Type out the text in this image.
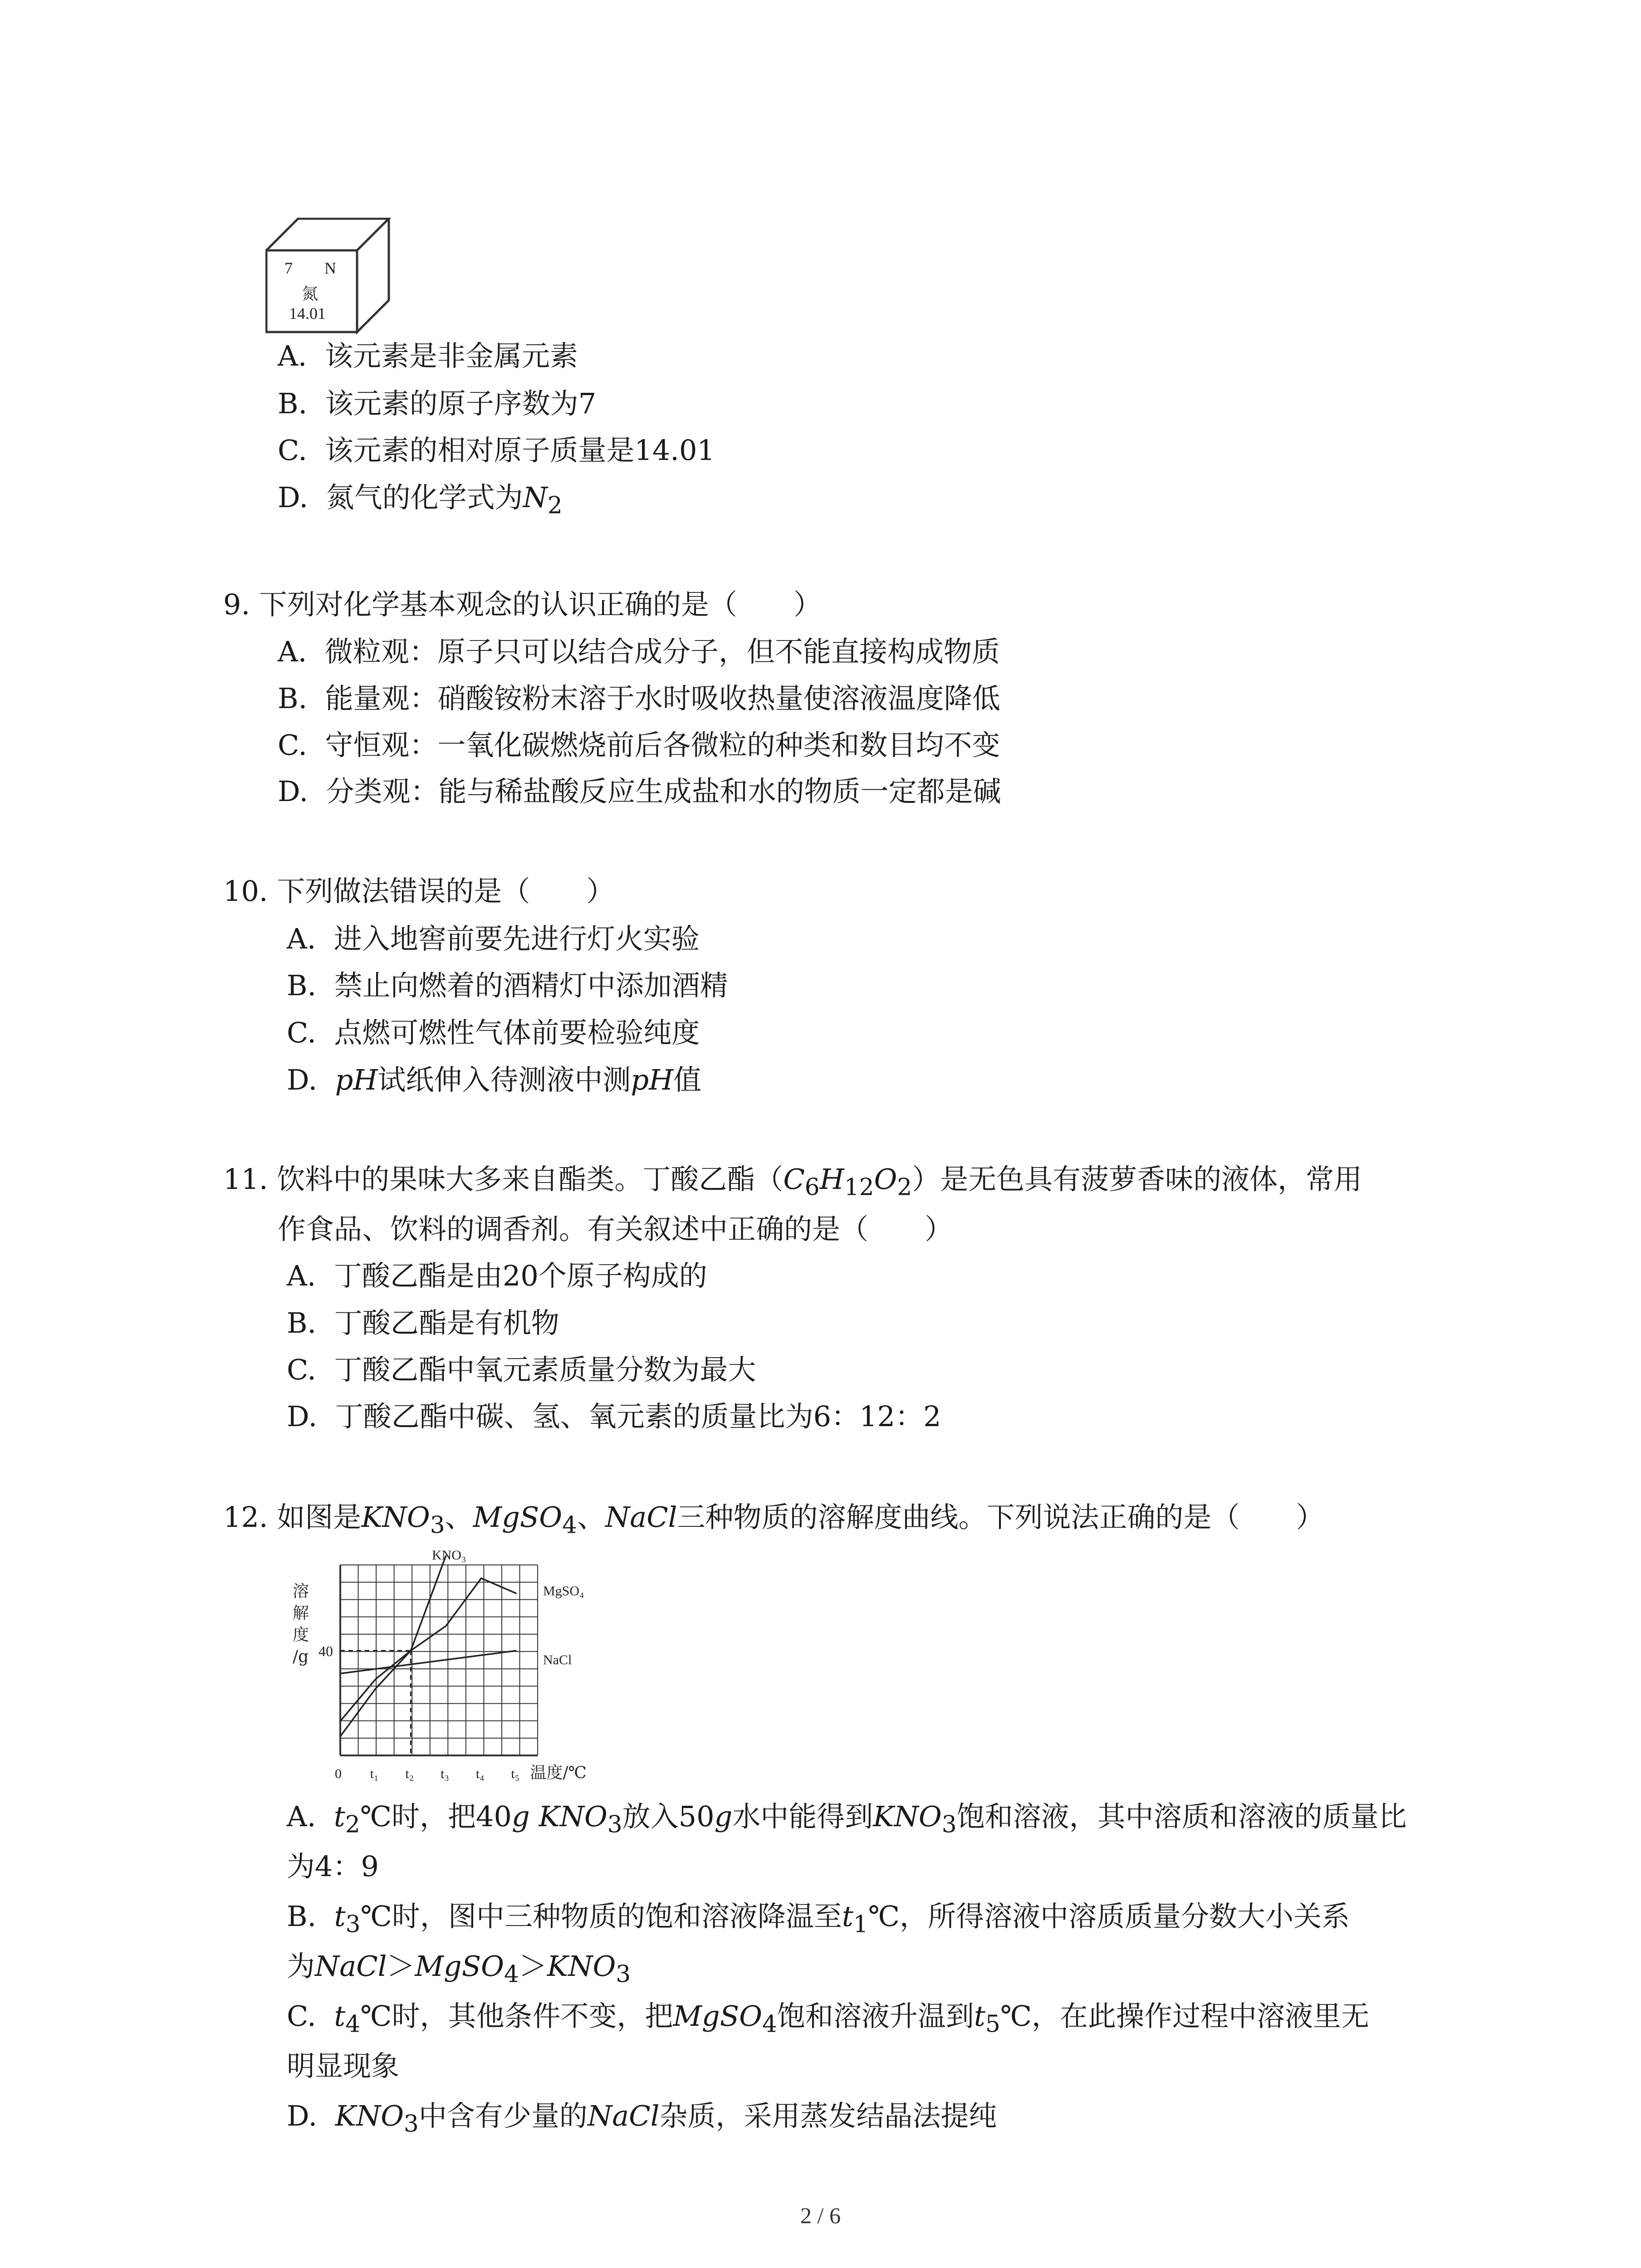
7 N
氮
14.01
A. 该元素是非金属元素
B. 该元素的原子序数为7
C. 该元素的相对原子质量是14.01
D. 氮气的化学式为$N_2$
9. 下列对化学基本观念的认识正确的是（　　）
A. 微粒观：原子只可以结合成分子，但不能直接构成物质
B. 能量观：硝酸铵粉末溶于水时吸收热量使溶液温度降低
C. 守恒观：一氧化碳燃烧前后各微粒的种类和数目均不变
D. 分类观：能与稀盐酸反应生成盐和水的物质一定都是碱
10. 下列做法错误的是（　　）
A. 进入地窖前要先进行灯火实验
B. 禁止向燃着的酒精灯中添加酒精
C. 点燃可燃性气体前要检验纯度
D. pH试纸伸入待测液中测pH值
11. 饮料中的果味大多来自酯类。丁酸乙酯$(C_6H_{12}O_2)$是无色具有菠萝香味的液体，常用
作食品、饮料的调香剂。有关叙述中正确的是（　　）
A. 丁酸乙酯是由20个原子构成的
B. 丁酸乙酯是有机物
C. 丁酸乙酯中氧元素质量分数为最大
D. 丁酸乙酯中碳、氢、氧元素的质量比为6：12：2
12. 如图是$KNO_3$、MgSO$_4$、NaCl三种物质的溶解度曲线。下列说法正确的是（　　）
KNO₃
MgSO₄
NaCl
溶
解
度
/g 40
0 t₁ t₂ t₃ t₄ t₅ 温度/℃
A. $t_2℃$时，把40g $KNO_3$放入50g水中能得到$KNO_3$饱和溶液，其中溶质和溶液的质量比
为4：9
B. $t_3℃$时，图中三种物质的饱和溶液降温至$t_1℃$，所得溶液中溶质质量分数大小关系
为$NaCl>MgSO_4>KNO_3$
C. $t_4℃$时，其他条件不变，把MgSO$_4$饱和溶液升温到$t_5℃$，在此操作过程中溶液里无
明显现象
D. $KNO_3$中含有少量的NaCl杂质，采用蒸发结晶法提纯
2 / 6
